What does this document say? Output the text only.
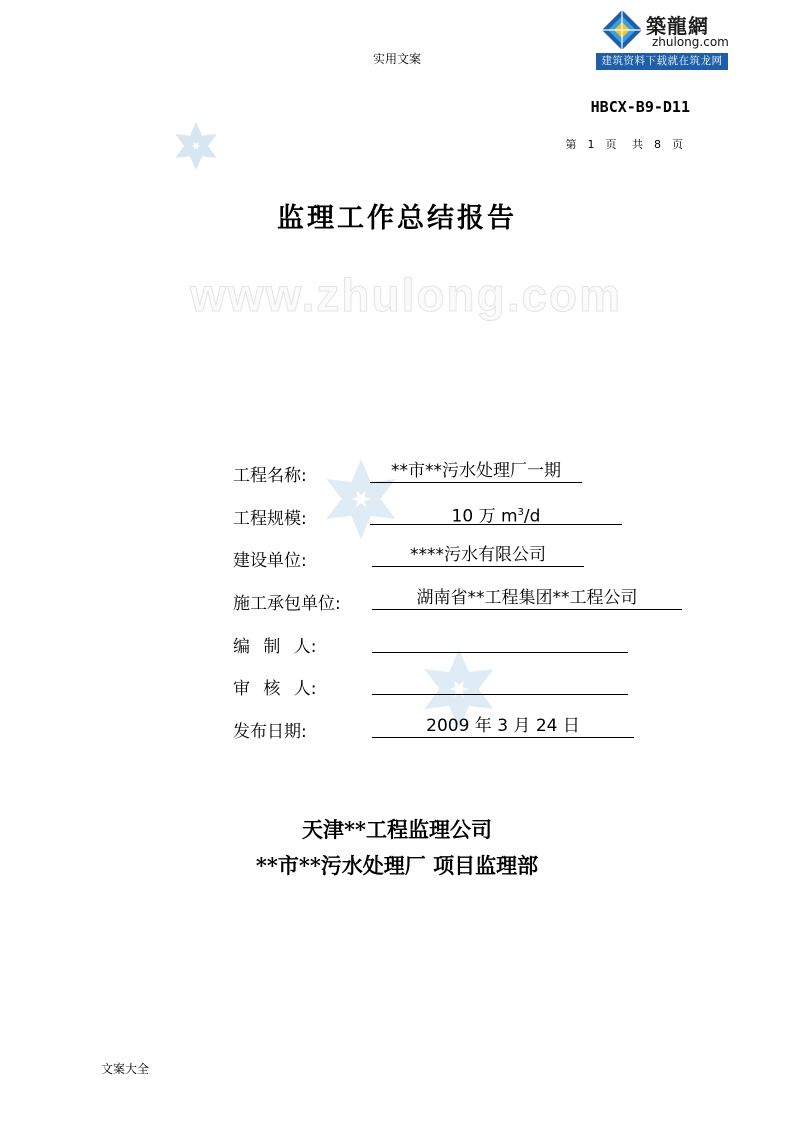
实用文案
築龍網
zhulong.com
建筑资料下载就在筑龙网
HBCX-B9-D11
第 1 页 共 8 页
监理工作总结报告
www.zhulong.com
工程名称:	**市**污水处理厂一期
工程规模:	10 万 $m^3/d$
建设单位:	****污水有限公司
施工承包单位:	湖南省**工程集团**工程公司
编 制 人:
审 核 人:
发布日期:	2009 年 3 月 24 日
天津**工程监理公司
**市**污水处理厂 项目监理部
文案大全
